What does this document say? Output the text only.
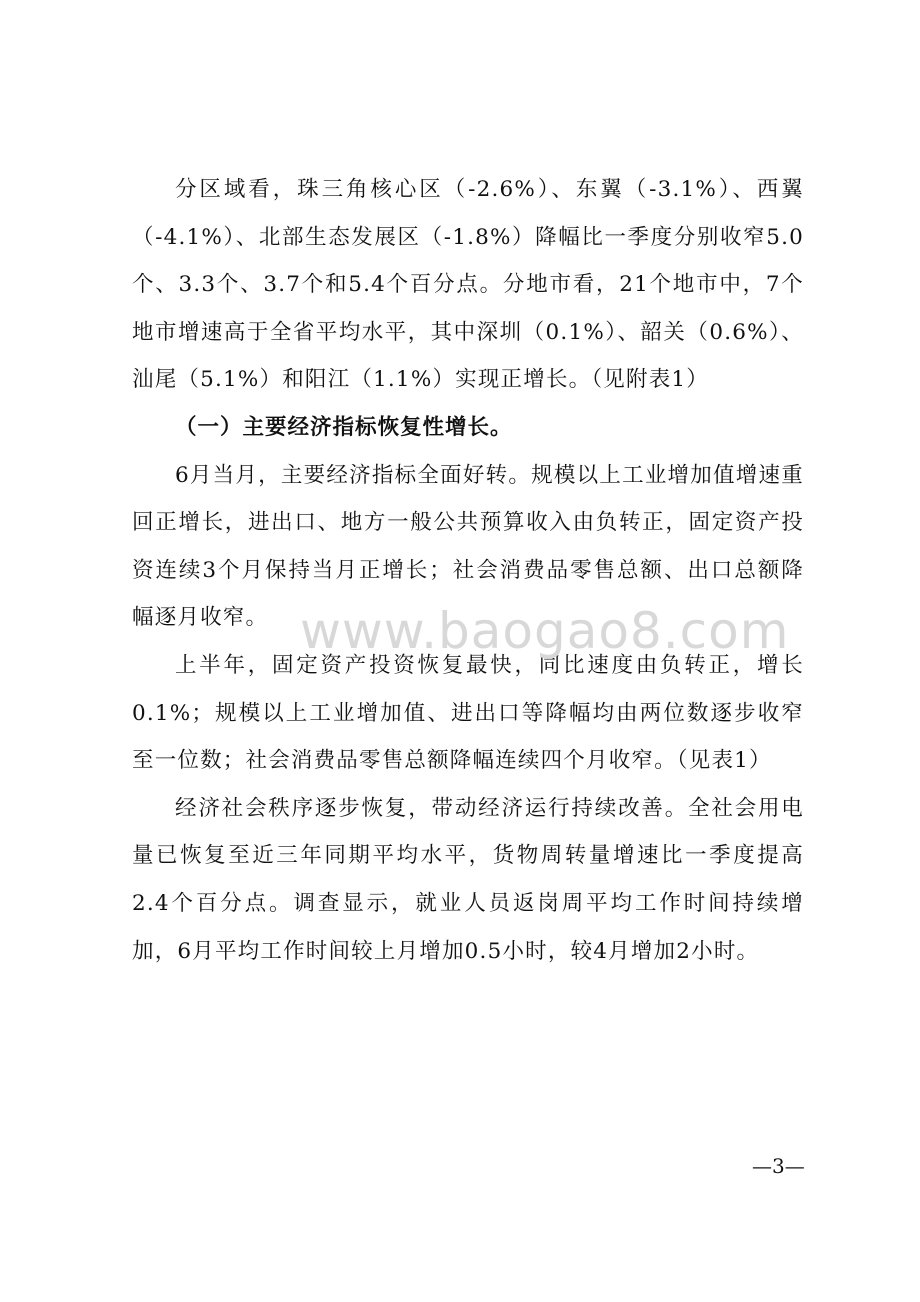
分区域看，珠三角核心区（-2.6%）、东翼（-3.1%）、西翼（-4.1%）、北部生态发展区（-1.8%）降幅比一季度分别收窄5.0个、3.3个、3.7个和5.4个百分点。分地市看，21个地市中，7个地市增速高于全省平均水平，其中深圳（0.1%）、韶关（0.6%）、汕尾（5.1%）和阳江（1.1%）实现正增长。（见附表1）

（一）主要经济指标恢复性增长。

6月当月，主要经济指标全面好转。规模以上工业增加值增速重回正增长，进出口、地方一般公共预算收入由负转正，固定资产投资连续3个月保持当月正增长；社会消费品零售总额、出口总额降幅逐月收窄。

上半年，固定资产投资恢复最快，同比速度由负转正，增长0.1%；规模以上工业增加值、进出口等降幅均由两位数逐步收窄至一位数；社会消费品零售总额降幅连续四个月收窄。（见表1）

经济社会秩序逐步恢复，带动经济运行持续改善。全社会用电量已恢复至近三年同期平均水平，货物周转量增速比一季度提高2.4个百分点。调查显示，就业人员返岗周平均工作时间持续增加，6月平均工作时间较上月增加0.5小时，较4月增加2小时。

www.baogao8.com
—3—
